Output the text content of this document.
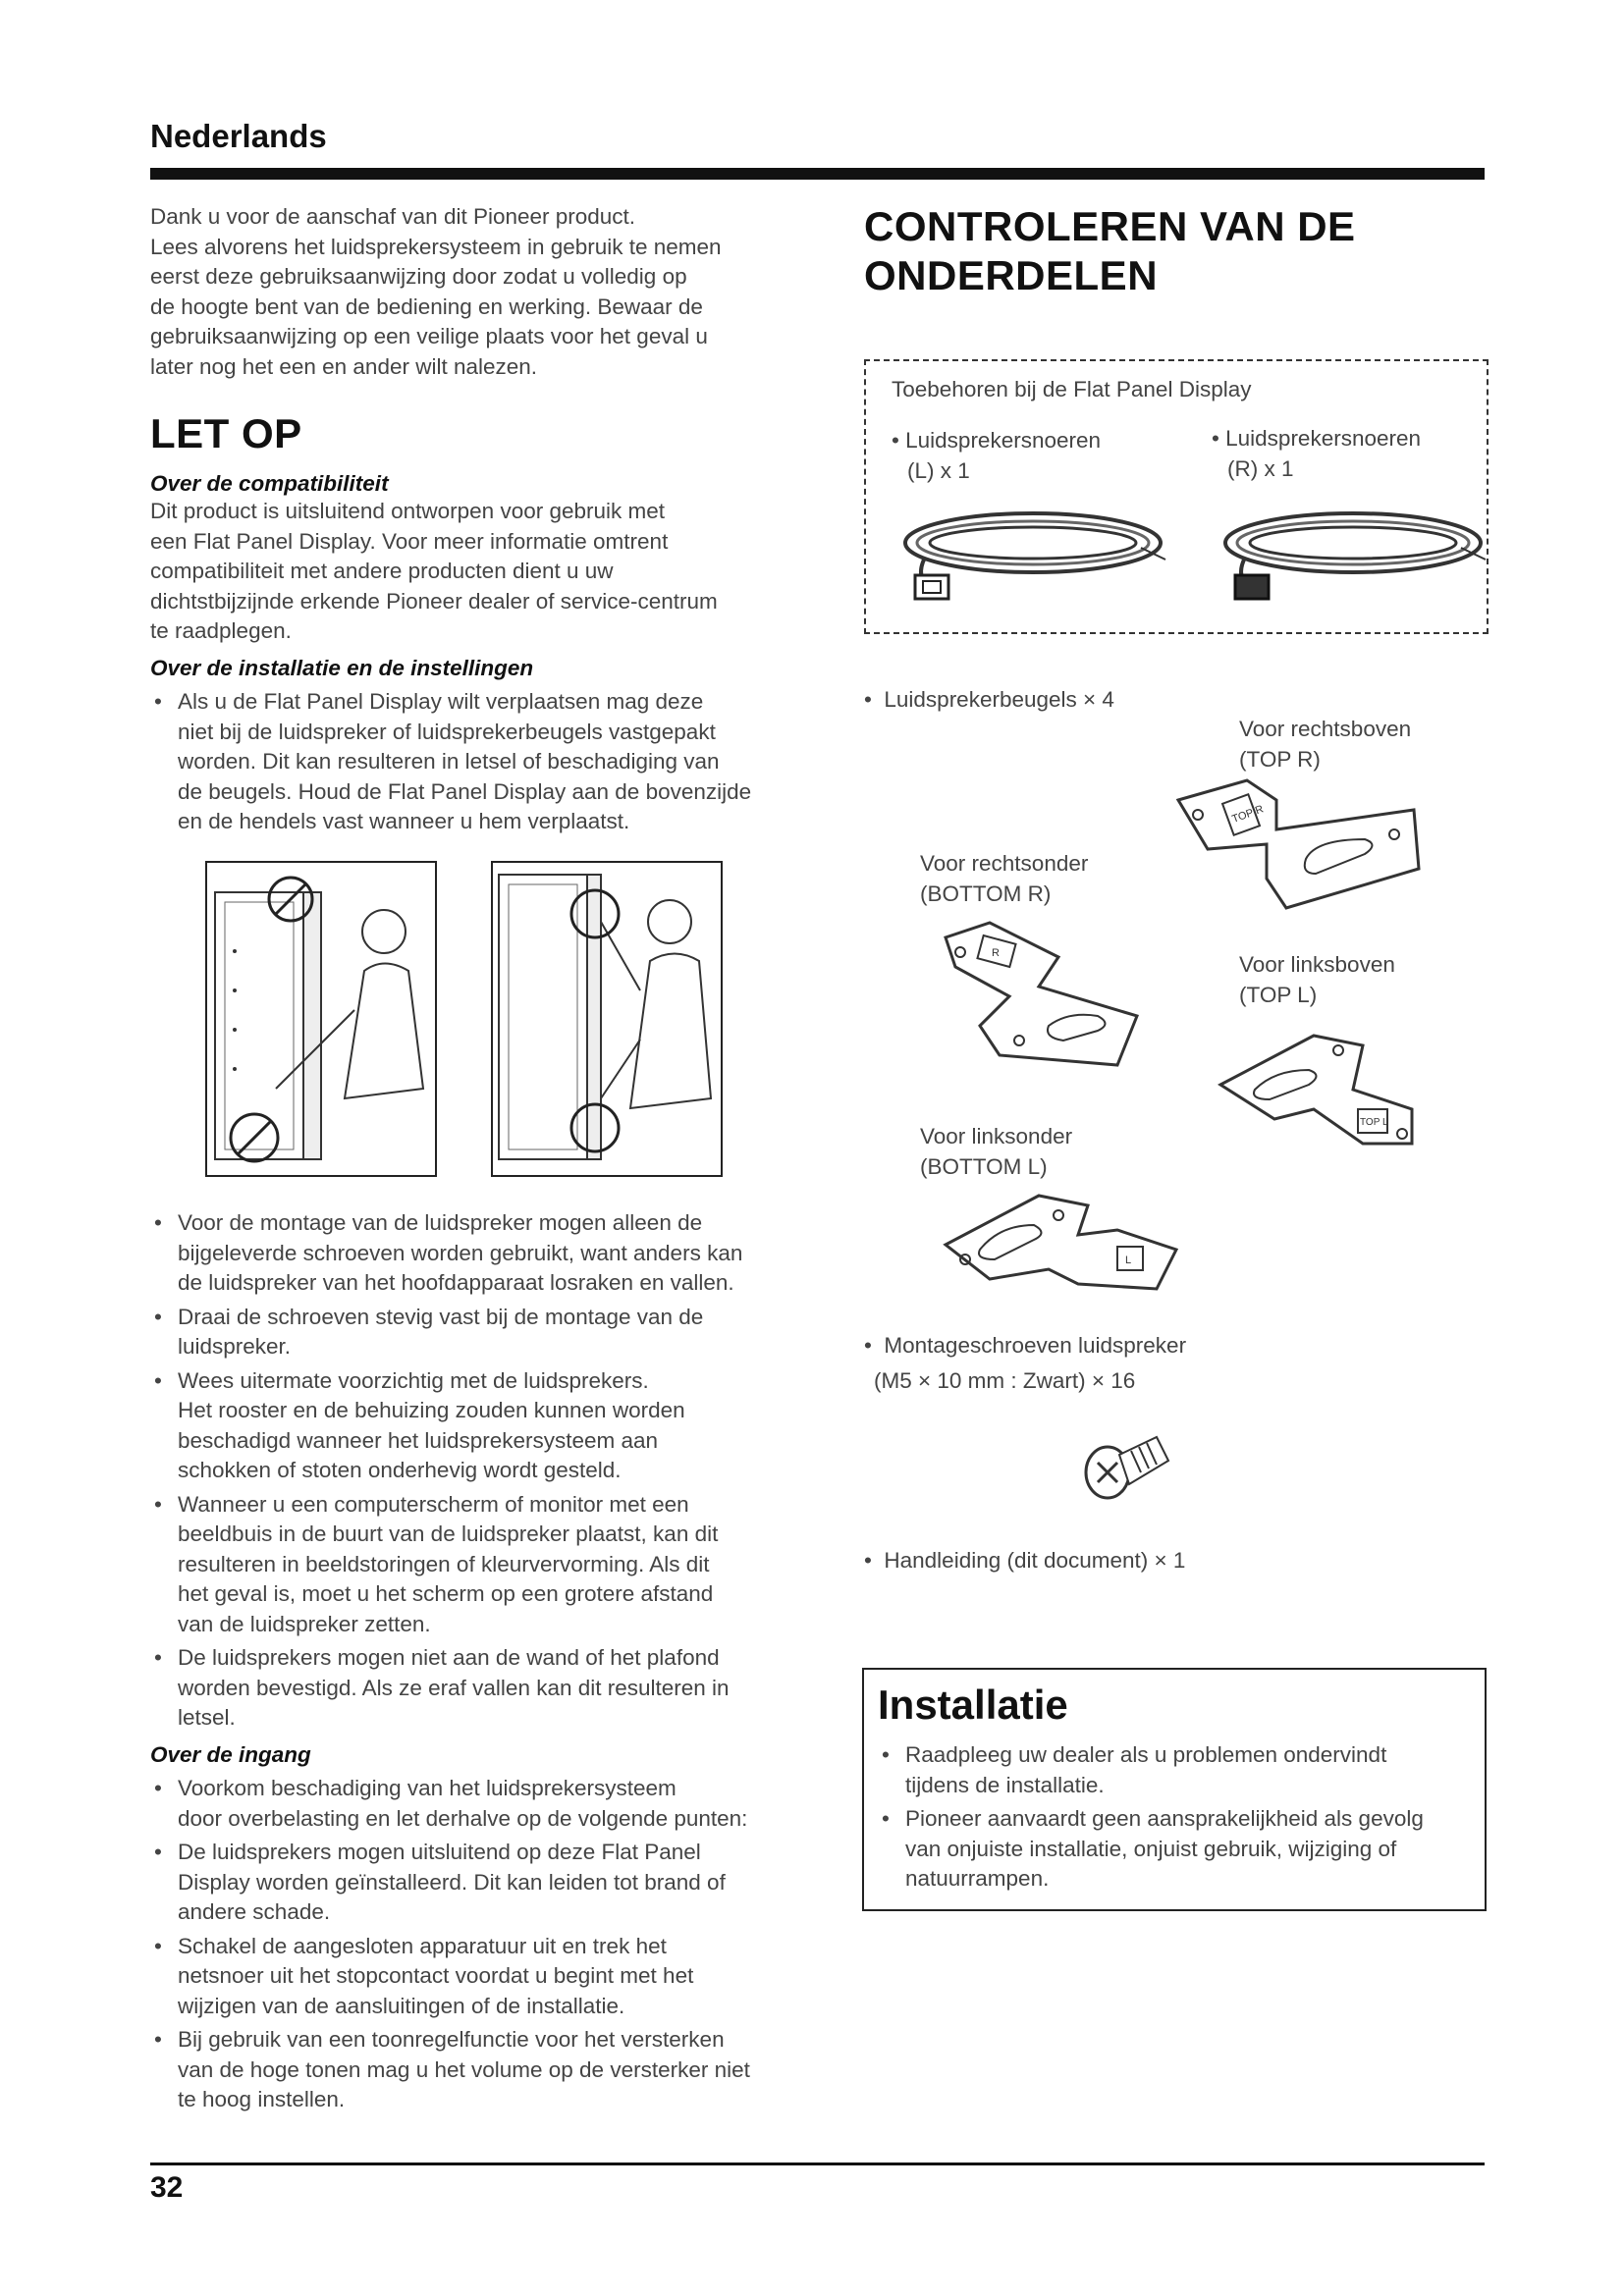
Nederlands
Dank u voor de aanschaf van dit Pioneer product.
Lees alvorens het luidsprekersysteem in gebruik te nemen
eerst deze gebruiksaanwijzing door zodat u volledig op
de hoogte bent van de bediening en werking. Bewaar de
gebruiksaanwijzing op een veilige plaats voor het geval u
later nog het een en ander wilt nalezen.
LET OP
Over de compatibiliteit
Dit product is uitsluitend ontworpen voor gebruik met
een Flat Panel Display. Voor meer informatie omtrent
compatibiliteit met andere producten dient u uw
dichtstbijzijnde erkende Pioneer dealer of service-centrum
te raadplegen.
Over de installatie en de instellingen
• Als u de Flat Panel Display wilt verplaatsen mag deze
niet bij de luidspreker of luidsprekerbeugels vastgepakt
worden. Dit kan resulteren in letsel of beschadiging van
de beugels. Houd de Flat Panel Display aan de bovenzijde
en de hendels vast wanneer u hem verplaatst.
• Voor de montage van de luidspreker mogen alleen de
bijgeleverde schroeven worden gebruikt, want anders kan
de luidspreker van het hoofdapparaat losraken en vallen.
• Draai de schroeven stevig vast bij de montage van de
luidspreker.
• Wees uitermate voorzichtig met de luidsprekers.
Het rooster en de behuizing zouden kunnen worden
beschadigd wanneer het luidsprekersysteem aan
schokken of stoten onderhevig wordt gesteld.
• Wanneer u een computerscherm of monitor met een
beeldbuis in de buurt van de luidspreker plaatst, kan dit
resulteren in beeldstoringen of kleurvervorming. Als dit
het geval is, moet u het scherm op een grotere afstand
van de luidspreker zetten.
• De luidsprekers mogen niet aan de wand of het plafond
worden bevestigd. Als ze eraf vallen kan dit resulteren in
letsel.
Over de ingang
• Voorkom beschadiging van het luidsprekersysteem
door overbelasting en let derhalve op de volgende punten:
• De luidsprekers mogen uitsluitend op deze Flat Panel
Display worden geïnstalleerd. Dit kan leiden tot brand of
andere schade.
• Schakel de aangesloten apparatuur uit en trek het
netsnoer uit het stopcontact voordat u begint met het
wijzigen van de aansluitingen of de installatie.
• Bij gebruik van een toonregelfunctie voor het versterken
van de hoge tonen mag u het volume op de versterker niet
te hoog instellen.
CONTROLEREN VAN DE
ONDERDELEN
Toebehoren bij de Flat Panel Display
• Luidsprekersnoeren
(L) x 1
• Luidsprekersnoeren
(R) x 1
•  Luidsprekerbeugels × 4
Voor rechtsboven
(TOP R)
TOP R
Voor rechtsonder
(BOTTOM R)
R	Voor linksboven
(TOP L)
TOP L
Voor linksonder
(BOTTOM L)
L
•  Montageschroeven luidspreker
(M5 × 10 mm : Zwart) × 16
•  Handleiding (dit document) × 1
Installatie
• Raadpleeg uw dealer als u problemen ondervindt
tijdens de installatie.
• Pioneer aanvaardt geen aansprakelijkheid als gevolg
van onjuiste installatie, onjuist gebruik, wijziging of
natuurrampen.
32
